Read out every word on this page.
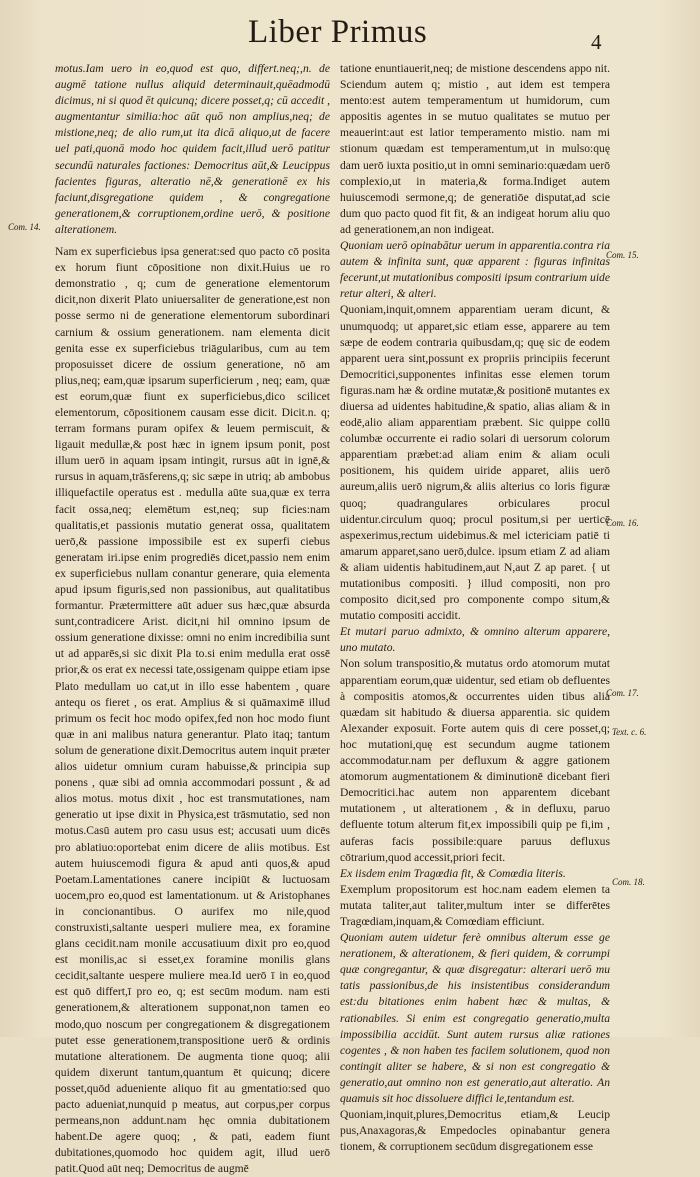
Liber Primus	4
Com. 14.
Com. 15.
Com. 16.
Com. 17.
Text. c. 6.
Com. 18.

motus.Iam uero in eo,quod est quo, differt.neq;,n. de augmē tatione nullus aliquid determinauit,quēadmodū dicimus, ni si quod ēt quicunq; dicere posset,q; cū accedit , augmentantur similia:hoc aūt quō non amplius,neq; de mistione,neq; de alio rum,ut ita dicā aliquo,ut de facere uel pati,quonā modo hoc quidem facit,illud uerō patitur secundū naturales factiones: Democritus aūt,& Leucippus facientes figuras, alteratio nē,& generationē ex his faciunt,disgregatione quidem , & congregatione generationem,& corruptionem,ordine uerō, & positione alterationem.

Nam ex superficiebus ipsa generat:sed quo pacto cō posita ex horum fiunt cōpositione non dixit.Huius ue ro demonstratio , q; cum de generatione elementorum dicit,non dixerit Plato uniuersaliter de generatione,est non posse sermo ni de generatione elementorum subordinari carnium & ossium generationem. nam elementa dicit genita esse ex superficiebus triāgularibus, cum au tem proposuisset dicere de ossium generatione, nō am plius,neq; eam,quæ ipsarum superficierum , neq; eam, quæ est eorum,quæ fiunt ex superficiebus,dico scilicet elementorum, cōpositionem causam esse dicit. Dicit.n. q; terram formans puram opifex & leuem permiscuit, & ligauit medullæ,& post hæc in ignem ipsum ponit, post illum uerō in aquam ipsam intingit, rursus aūt in ignē,& rursus in aquam,trāsferens,q; sic sæpe in utriq; ab ambobus illiquefactile operatus est . medulla aūte sua,quæ ex terra facit ossa,neq; elemētum est,neq; sup ficies:nam qualitatis,et passionis mutatio generat ossa, qualitatem uerō,& passione impossibile est ex superfi ciebus generatam iri.ipse enim progrediēs dicet,passio nem enim ex superficiebus nullam conantur generare, quia elementa apud ipsum figuris,sed non passionibus, aut qualitatibus formantur. Prætermittere aūt aduer sus hæc,quæ absurda sunt,contradicere Arist. dicit,ni hil omnino ipsum de ossium generatione dixisse: omni no enim incredibilia sunt ut ad apparēs,si sic dixit Pla to.si enim medulla erat ossē prior,& os erat ex necessi tate,ossigenam quippe etiam ipse Plato medullam uo cat,ut in illo esse habentem , quare antequ os fieret , os erat. Amplius & si quāmaximē illud primum os fecit hoc modo opifex,fed non hoc modo fiunt quæ in ani malibus natura generantur. Plato itaq; tantum solum de generatione dixit.Democritus autem inquit præter alios uidetur omnium curam habuisse,& principia sup ponens , quæ sibi ad omnia accommodari possunt , & ad alios motus. motus dixit , hoc est transmutationes, nam generatio ut ipse dixit in Physica,est trāsmutatio, sed non motus.Casū autem pro casu usus est; accusati uum dicēs pro ablatiuo:oportebat enim dicere de aliis motibus. Est autem huiuscemodi figura & apud anti quos,& apud Poetam.Lamentationes canere incipiūt & luctuosam uocem,pro eo,quod est lamentationum. ut & Aristophanes in concionantibus. O aurifex mo nile,quod construxisti,saltante uesperi muliere mea, ex foramine glans cecidit.nam monile accusatiuum dixit pro eo,quod est monilis,ac si esset,ex foramine monilis glans cecidit,saltante uespere muliere mea.Id uerō ī in eo,quod est quō differt,ī pro eo, q; est secūm modum. nam esti generationem,& alterationem supponat,non tamen eo modo,quo noscum per congregationem & disgregationem putet esse generationem,transpositione uerō & ordinis mutatione alterationem. De augmenta tione quoq; alii quidem dixerunt tantum,quantum ēt quicunq; dicere posset,quōd adueniente aliquo fit au gmentatio:sed quo pacto adueniat,nunquid p meatus, aut corpus,per corpus permeans,non addunt.nam hęc omnia dubitationem habent.De agere quoq; , & pati, eadem fiunt dubitationes,quomodo hoc quidem agit, illud uerō patit.Quod aūt neq; Democritus de augmē

tatione enuntiauerit,neq; de mistione descendens appo nit. Sciendum autem q; mistio , aut idem est tempera mento:est autem temperamentum ut humidorum, cum appositis agentes in se mutuo qualitates se mutuo per meauerint:aut est latior temperamento mistio. nam mi stionum quædam est temperamentum,ut in mulso:quę dam uerō iuxta positio,ut in omni seminario:quædam uerō complexio,ut in materia,& forma.Indiget autem huiuscemodi sermone,q; de generatiōe disputat,ad scie dum quo pacto quod fit fit, & an indigeat horum aliu quo ad generationem,an non indigeat.

Quoniam uerō opinabātur uerum in apparentia.contra ria autem & infinita sunt, quæ apparent : figuras infinitas fecerunt,ut mutationibus compositi ipsum contrarium uide retur alteri, & alteri.

Quoniam,inquit,omnem apparentiam ueram dicunt, & unumquodq; ut apparet,sic etiam esse, apparere au tem sæpe de eodem contraria quibusdam,q; quę sic de eodem apparent uera sint,possunt ex propriis principiis fecerunt Democritici,supponentes infinitas esse elemen torum figuras.nam hæ & ordine mutatæ,& positionē mutantes ex diuersa ad uidentes habitudine,& spatio, alias aliam & in eodē,alio aliam apparentiam præbent. Sic quippe collū columbæ occurrente ei radio solari di uersorum colorum apparentiam præbet:ad aliam enim & aliam oculi positionem, his quidem uiride apparet, aliis uerō aureum,aliis uerō nigrum,& aliis alterius co loris figuræ quoq; quadrangulares orbiculares procul uidentur.circulum quoq; procul positum,si per uerticē aspexerimus,rectum uidebimus.& mel ictericiam patiē ti amarum apparet,sano uerō,dulce. ipsum etiam Z ad aliam & aliam uidentis habitudinem,aut N,aut Z ap paret. { ut mutationibus compositi. } illud compositi, non pro composito dicit,sed pro componente compo situm,& mutatio compositi accidit.

Et mutari paruo admixto, & omnino alterum apparere, uno mutato.

Non solum transpositio,& mutatus ordo atomorum mutat apparentiam eorum,quæ uidentur, sed etiam ob defluentes à compositis atomos,& occurrentes uiden tibus alia quædam sit habitudo & diuersa apparentia. sic quidem Alexander exposuit. Forte autem quis di cere posset,q; hoc mutationi,quę est secundum augme tationem accommodatur.nam per defluxum & aggre gationem atomorum augmentationem & diminutionē dicebant fieri Democritici.hac autem non apparentem dicebant mutationem , ut alterationem , & in defluxu, paruo defluente totum alterum fit,ex impossibili quip pe fi,im , auferas facis possibile:quare paruus defluxus cōtrarium,quod accessit,priori fecit.

Ex iisdem enim Tragœdia fit, & Comœdia literis.

Exemplum propositorum est hoc.nam eadem elemen ta mutata taliter,aut taliter,multum inter se differētes Tragœdiam,inquam,& Comœdiam efficiunt.

Quoniam autem uidetur ferè omnibus alterum esse ge nerationem, & alterationem, & fieri quidem, & corrumpi quæ congregantur, & quæ disgregatur: alterari uerō mu tatis passionibus,de his insistentibus considerandum est:du bitationes enim habent hæc & multas, & rationabiles. Si enim est congregatio generatio,multa impossibilia accidūt. Sunt autem rursus aliæ rationes cogentes , & non haben tes facilem solutionem, quod non contingit aliter se habere, & si non est congregatio & generatio,aut omnino non est generatio,aut alteratio. An quamuis sit hoc dissoluere diffici le,tentandum est.

Quoniam,inquit,plures,Democritus etiam,& Leucip pus,Anaxagoras,& Empedocles opinabantur genera tionem, & corruptionem secūdum disgregationem esse
